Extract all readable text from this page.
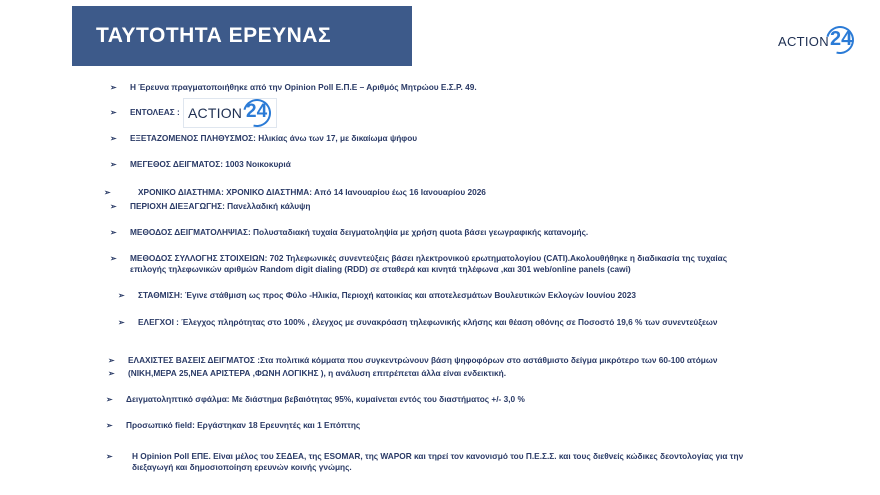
ΤΑΥΤΟΤΗΤΑ ΕΡΕΥΝΑΣ	ACTION 24
➢ Η Έρευνα πραγματοποιήθηκε από την Opinion Poll Ε.Π.Ε – Αριθμός Μητρώου Ε.Σ.Ρ. 49.
➢ ΕΝΤΟΛΕΑΣ : ACTION 24
➢ ΕΞΕΤΑΖΟΜΕΝΟΣ ΠΛΗΘΥΣΜΟΣ: Ηλικίας άνω των 17, με δικαίωμα ψήφου
➢ ΜΕΓΕΘΟΣ ΔΕΙΓΜΑΤΟΣ: 1003 Νοικοκυριά
➢	ΧΡΟΝΙΚΟ ΔΙΑΣΤΗΜΑ: ΧΡΟΝΙΚΟ ΔΙΑΣΤΗΜΑ: Από 14 Ιανουαρίου έως 16 Ιανουαρίου 2026
➢ ΠΕΡΙΟΧΗ ΔΙΕΞΑΓΩΓΗΣ: Πανελλαδική κάλυψη
➢ ΜΕΘΟΔΟΣ ΔΕΙΓΜΑΤΟΛΗΨΙΑΣ: Πολυσταδιακή τυχαία δειγματοληψία με χρήση quota βάσει γεωγραφικής κατανομής.
➢ ΜΕΘΟΔΟΣ ΣΥΛΛΟΓΗΣ ΣΤΟΙΧΕΙΩΝ: 702 Τηλεφωνικές συνεντεύξεις βάσει ηλεκτρονικού ερωτηματολογίου (CATI).Ακολουθήθηκε η διαδικασία της τυχαίας
επιλογής τηλεφωνικών αριθμών Random digit dialing (RDD) σε σταθερά και κινητά τηλέφωνα ,και 301 web/online panels (cawi)
➢ ΣΤΑΘΜΙΣΗ: Έγινε στάθμιση ως προς Φύλο -Ηλικία, Περιοχή κατοικίας και αποτελεσμάτων Βουλευτικών Εκλογών Ιουνίου 2023
➢ ΕΛΕΓΧΟΙ : Έλεγχος πληρότητας στο 100% , έλεγχος με συνακρόαση τηλεφωνικής κλήσης και θέαση οθόνης σε Ποσοστό 19,6 % των συνεντεύξεων
➢ ΕΛΑΧΙΣΤΕΣ ΒΑΣΕΙΣ ΔΕΙΓΜΑΤΟΣ :Στα πολιτικά κόμματα που συγκεντρώνουν βάση ψηφοφόρων στο αστάθμιστο δείγμα μικρότερο των 60-100 ατόμων
➢ (ΝΙΚΗ,ΜΕΡΑ 25,ΝΕΑ ΑΡΙΣΤΕΡΑ ,ΦΩΝΗ ΛΟΓΙΚΗΣ ), η ανάλυση επιτρέπεται άλλα είναι ενδεικτική.
➢ Δειγματοληπτικό σφάλμα: Με διάστημα βεβαιότητας 95%, κυμαίνεται εντός του διαστήματος +/- 3,0 %
➢ Προσωπικό field: Εργάστηκαν 18 Ερευνητές και 1 Επόπτης
➢ Η Opinion Poll ΕΠΕ. Είναι μέλος του ΣΕΔΕΑ, της ESOMAR, της WAPOR και τηρεί τον κανονισμό του Π.Ε.Σ.Σ. και τους διεθνείς κώδικες δεοντολογίας για την
διεξαγωγή και δημοσιοποίηση ερευνών κοινής γνώμης.
